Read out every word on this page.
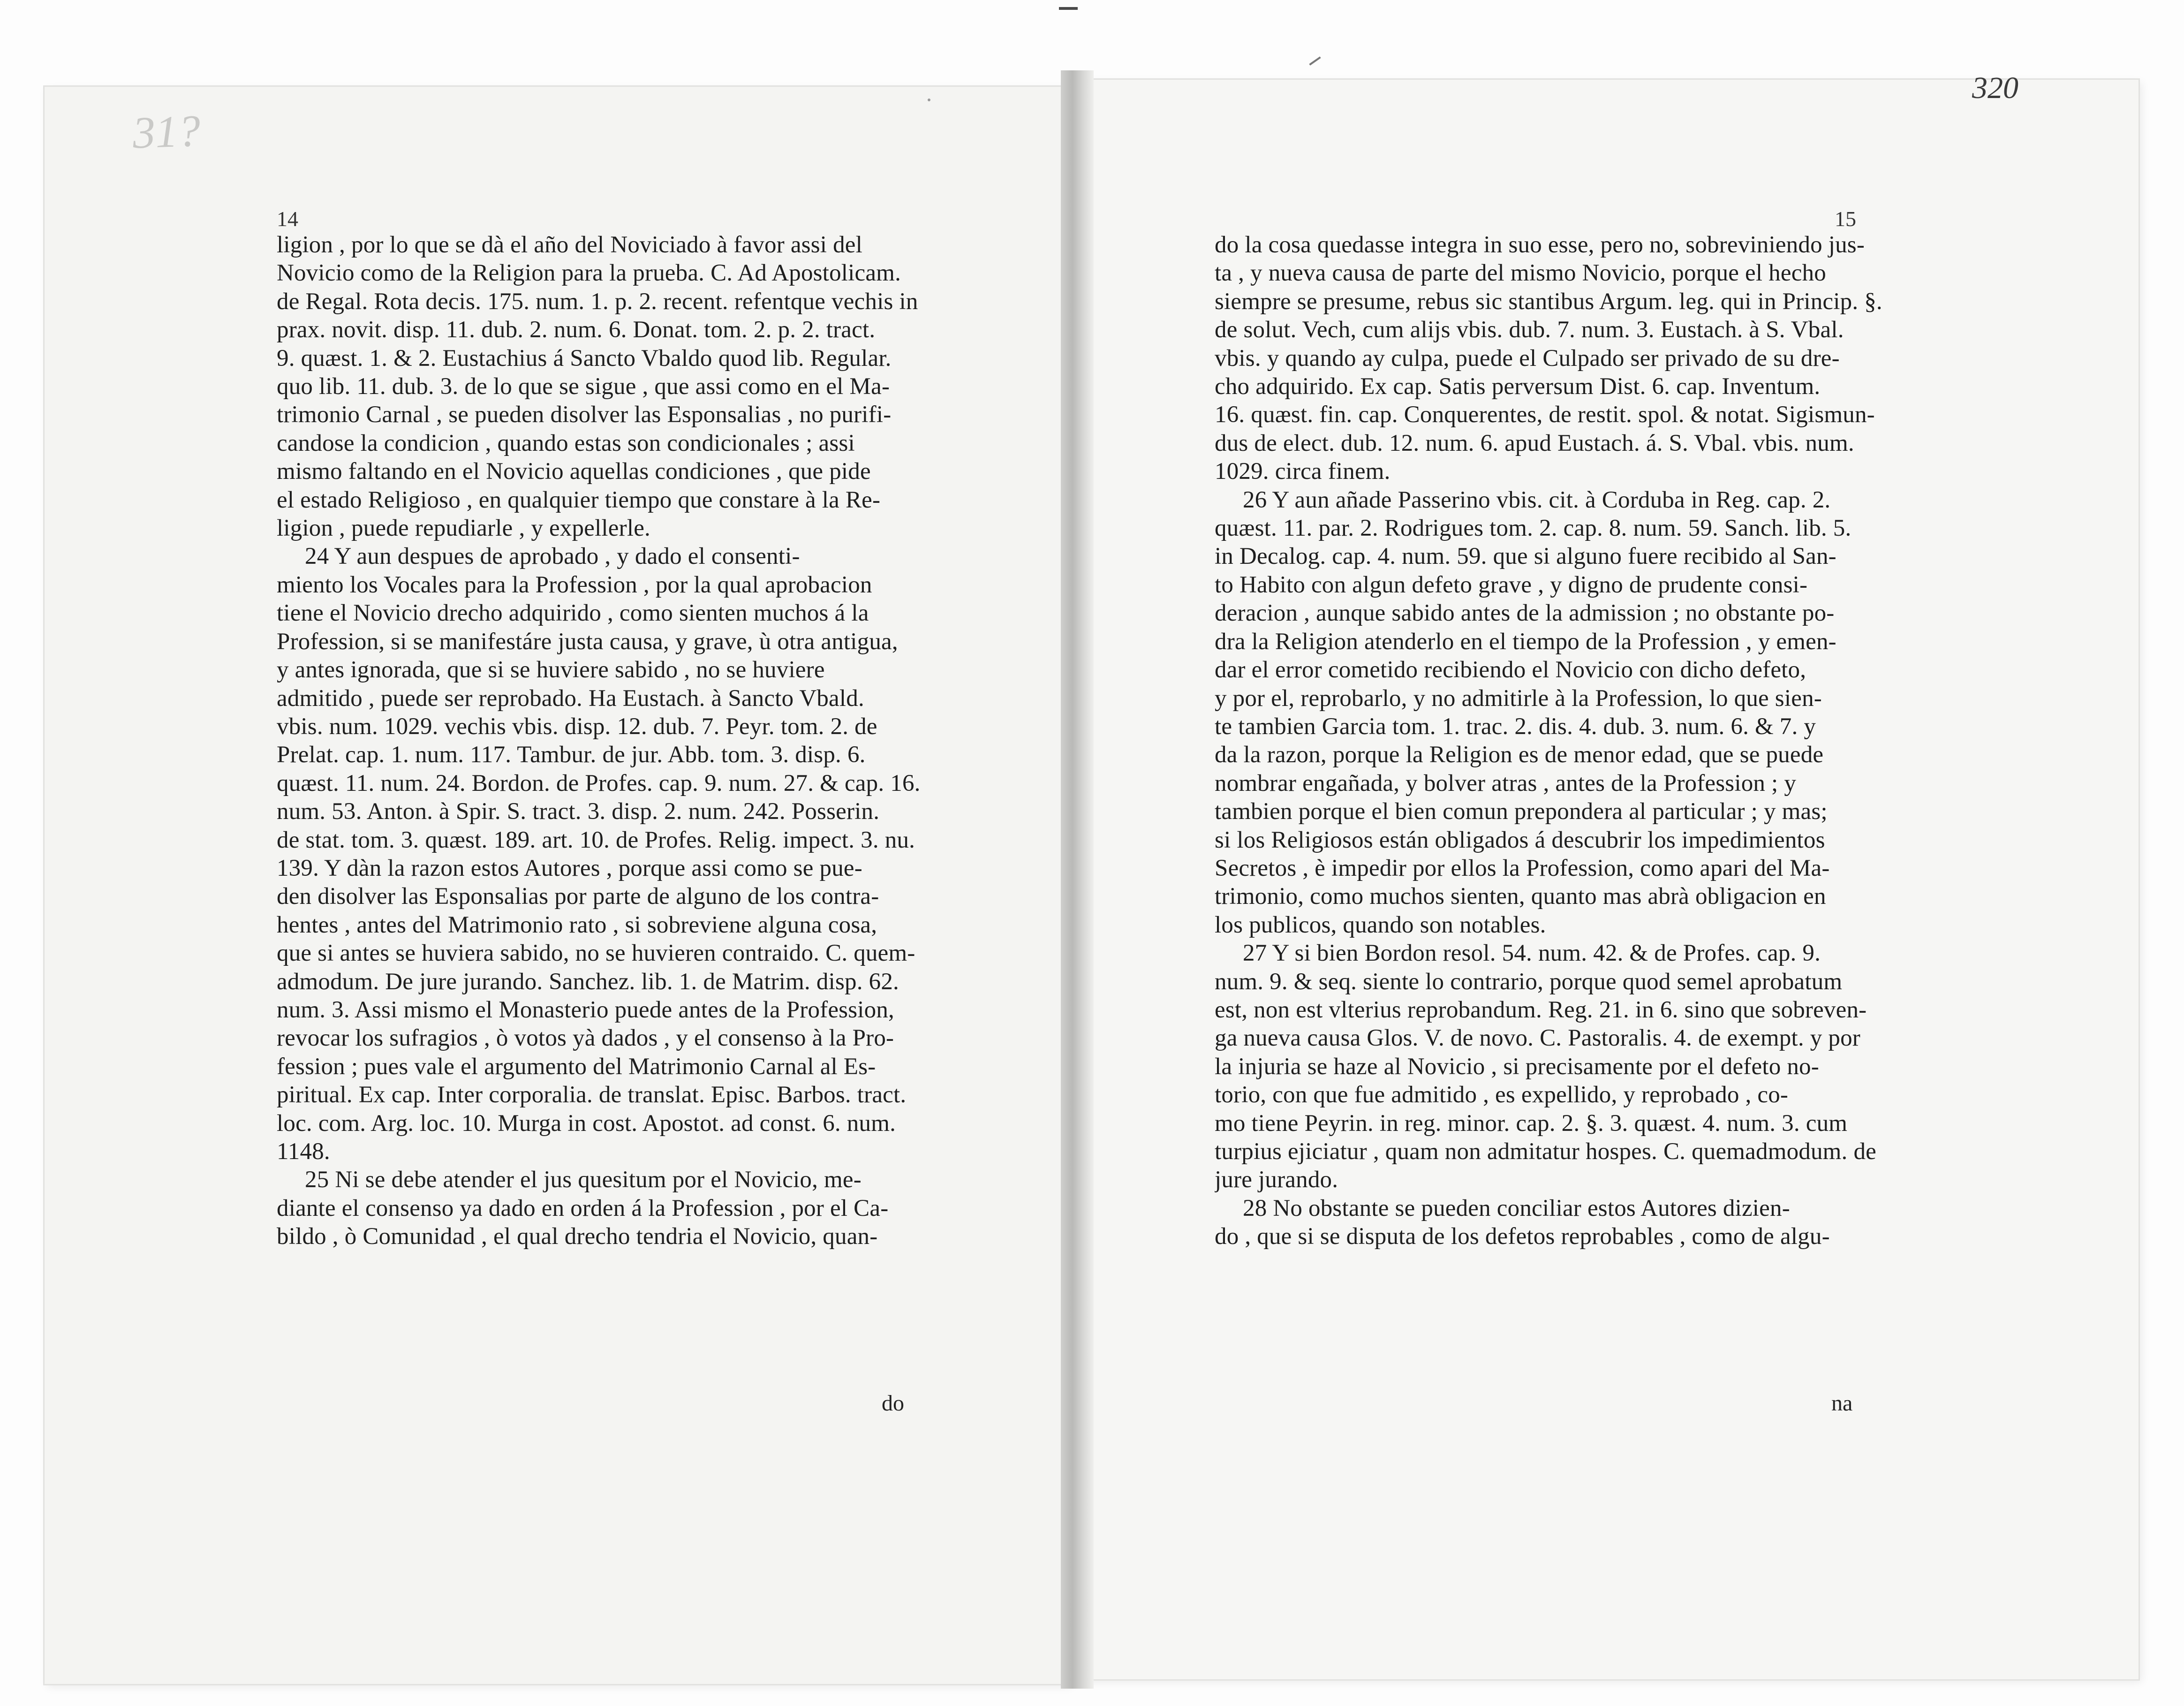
31?
320
14	15
ligion , por lo que se dà el año del Noviciado à favor assi del
Novicio como de la Religion para la prueba. C. Ad Apostolicam.
de Regal. Rota decis. 175. num. 1. p. 2. recent. refentque vechis in
prax. novit. disp. 11. dub. 2. num. 6. Donat. tom. 2. p. 2. tract.
9. quæst. 1. & 2. Eustachius á Sancto Vbaldo quod lib. Regular.
quo lib. 11. dub. 3. de lo que se sigue , que assi como en el Ma-
trimonio Carnal , se pueden disolver las Esponsalias , no purifi-
candose la condicion , quando estas son condicionales ; assi
mismo faltando en el Novicio aquellas condiciones , que pide
el estado Religioso , en qualquier tiempo que constare à la Re-
ligion , puede repudiarle , y expellerle.
24 Y aun despues de aprobado , y dado el consenti-
miento los Vocales para la Profession , por la qual aprobacion
tiene el Novicio drecho adquirido , como sienten muchos á la
Profession, si se manifestáre justa causa, y grave, ù otra antigua,
y antes ignorada, que si se huviere sabido , no se huviere
admitido , puede ser reprobado. Ha Eustach. à Sancto Vbald.
vbis. num. 1029. vechis vbis. disp. 12. dub. 7. Peyr. tom. 2. de
Prelat. cap. 1. num. 117. Tambur. de jur. Abb. tom. 3. disp. 6.
quæst. 11. num. 24. Bordon. de Profes. cap. 9. num. 27. & cap. 16.
num. 53. Anton. à Spir. S. tract. 3. disp. 2. num. 242. Posserin.
de stat. tom. 3. quæst. 189. art. 10. de Profes. Relig. impect. 3. nu.
139. Y dàn la razon estos Autores , porque assi como se pue-
den disolver las Esponsalias por parte de alguno de los contra-
hentes , antes del Matrimonio rato , si sobreviene alguna cosa,
que si antes se huviera sabido, no se huvieren contraido. C. quem-
admodum. De jure jurando. Sanchez. lib. 1. de Matrim. disp. 62.
num. 3. Assi mismo el Monasterio puede antes de la Profession,
revocar los sufragios , ò votos yà dados , y el consenso à la Pro-
fession ; pues vale el argumento del Matrimonio Carnal al Es-
piritual. Ex cap. Inter corporalia. de translat. Episc. Barbos. tract.
loc. com. Arg. loc. 10. Murga in cost. Apostot. ad const. 6. num.
1148.
25 Ni se debe atender el jus quesitum por el Novicio, me-
diante el consenso ya dado en orden á la Profession , por el Ca-
bildo , ò Comunidad , el qual drecho tendria el Novicio, quan-
do la cosa quedasse integra in suo esse, pero no, sobreviniendo jus-
ta , y nueva causa de parte del mismo Novicio, porque el hecho
siempre se presume, rebus sic stantibus Argum. leg. qui in Princip. §.
de solut. Vech, cum alijs vbis. dub. 7. num. 3. Eustach. à S. Vbal.
vbis. y quando ay culpa, puede el Culpado ser privado de su dre-
cho adquirido. Ex cap. Satis perversum Dist. 6. cap. Inventum.
16. quæst. fin. cap. Conquerentes, de restit. spol. & notat. Sigismun-
dus de elect. dub. 12. num. 6. apud Eustach. á. S. Vbal. vbis. num.
1029. circa finem.
26 Y aun añade Passerino vbis. cit. à Corduba in Reg. cap. 2.
quæst. 11. par. 2. Rodrigues tom. 2. cap. 8. num. 59. Sanch. lib. 5.
in Decalog. cap. 4. num. 59. que si alguno fuere recibido al San-
to Habito con algun defeto grave , y digno de prudente consi-
deracion , aunque sabido antes de la admission ; no obstante po-
dra la Religion atenderlo en el tiempo de la Profession , y emen-
dar el error cometido recibiendo el Novicio con dicho defeto,
y por el, reprobarlo, y no admitirle à la Profession, lo que sien-
te tambien Garcia tom. 1. trac. 2. dis. 4. dub. 3. num. 6. & 7. y
da la razon, porque la Religion es de menor edad, que se puede
nombrar engañada, y bolver atras , antes de la Profession ; y
tambien porque el bien comun prepondera al particular ; y mas;
si los Religiosos están obligados á descubrir los impedimientos
Secretos , è impedir por ellos la Profession, como apari del Ma-
trimonio, como muchos sienten, quanto mas abrà obligacion en
los publicos, quando son notables.
27 Y si bien Bordon resol. 54. num. 42. & de Profes. cap. 9.
num. 9. & seq. siente lo contrario, porque quod semel aprobatum
est, non est vlterius reprobandum. Reg. 21. in 6. sino que sobreven-
ga nueva causa Glos. V. de novo. C. Pastoralis. 4. de exempt. y por
la injuria se haze al Novicio , si precisamente por el defeto no-
torio, con que fue admitido , es expellido, y reprobado , co-
mo tiene Peyrin. in reg. minor. cap. 2. §. 3. quæst. 4. num. 3. cum
turpius ejiciatur , quam non admitatur hospes. C. quemadmodum. de
jure jurando.
28 No obstante se pueden conciliar estos Autores dizien-
do , que si se disputa de los defetos reprobables , como de algu-
do	na
